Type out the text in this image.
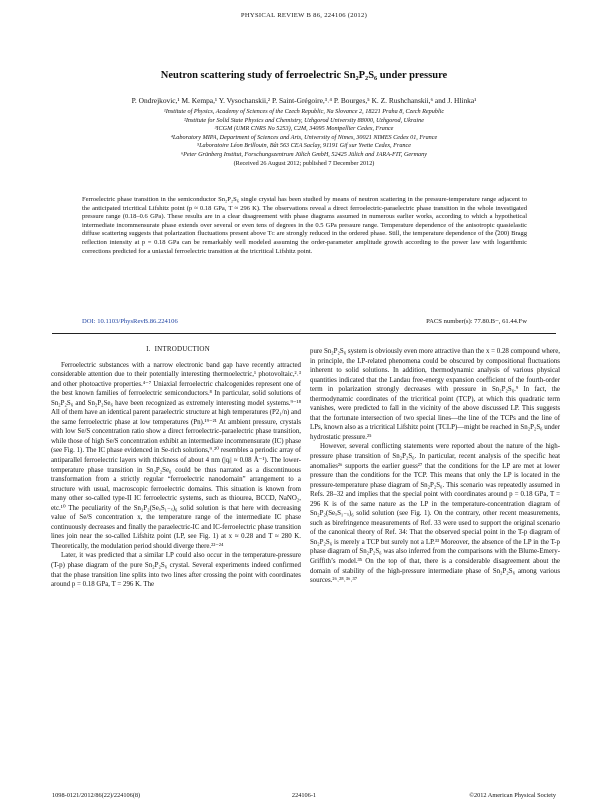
PHYSICAL REVIEW B 86, 224106 (2012)
Neutron scattering study of ferroelectric Sn₂P₂S₆ under pressure
P. Ondrejkovic,¹ M. Kempa,¹ Y. Vysochanskii,² P. Saint-Grégoire,³˒⁴ P. Bourges,⁵ K. Z. Rushchanskii,⁶ and J. Hlinka¹
¹Institute of Physics, Academy of Sciences of the Czech Republic, Na Slovance 2, 18221 Praha 8, Czech Republic
²Institute for Solid State Physics and Chemistry, Uzhgorod University 88000, Uzhgorod, Ukraine
³ICGM (UMR CNRS No 5253), C2M, 34095 Montpellier Cedex, France
⁴Laboratory MIPA, Department of Sciences and Arts, University of Nimes, 30021 NIMES Cedex 01, France
⁵Laboratoire Léon Brillouin, Bât 563 CEA Saclay, 91191 Gif sur Yvette Cedex, France
⁶Peter Grünberg Institut, Forschungszentrum Jülich GmbH, 52425 Jülich and JARA-FIT, Germany
(Received 26 August 2012; published 7 December 2012)
Ferroelectric phase transition in the semiconductor Sn₂P₂S₆ single crystal has been studied by means of neutron scattering in the pressure-temperature range adjacent to the anticipated tricritical Lifshitz point (p ≈ 0.18 GPa, T ≈ 296 K). The observations reveal a direct ferroelectric-paraelectric phase transition in the whole investigated pressure range (0.18–0.6 GPa). These results are in a clear disagreement with phase diagrams assumed in numerous earlier works, according to which a hypothetical intermediate incommensurate phase extends over several or even tens of degrees in the 0.5 GPa pressure range. Temperature dependence of the anisotropic quasielastic diffuse scattering suggests that polarization fluctuations present above Tᴄ are strongly reduced in the ordered phase. Still, the temperature dependence of the (̅200) Bragg reflection intensity at p = 0.18 GPa can be remarkably well modeled assuming the order-parameter amplitude growth according to the power law with logarithmic corrections predicted for a uniaxial ferroelectric transition at the tricritical Lifshitz point.
DOI: 10.1103/PhysRevB.86.224106	PACS number(s): 77.80.B−, 61.44.Fw
I. INTRODUCTION

Ferroelectric substances with a narrow electronic band gap have recently attracted considerable attention due to their potentially interesting thermoelectric,¹ photovoltaic,²˒³ and other photoactive properties.⁴⁻⁷ Uniaxial ferroelectric chalcogenides represent one of the best known families of ferroelectric semiconductors.⁸ In particular, solid solutions of Sn₂P₂S₆ and Sn₂P₂Se₆ have been recognized as extremely interesting model systems.⁹⁻¹⁸ All of them have an identical parent paraelectric structure at high temperatures (P2₁/n) and the same ferroelectric phase at low temperatures (Pn).¹⁹⁻²¹ At ambient pressure, crystals with low Se/S concentration ratio show a direct ferroelectric-paraelectric phase transition, while those of high Se/S concentration exhibit an intermediate incommensurate (IC) phase (see Fig. 1). The IC phase evidenced in Se-rich solutions,⁹˒²⁰ resembles a periodic array of antiparallel ferroelectric layers with thickness of about 4 nm (|qᵢ| ≈ 0.08 Å⁻¹). The lower-temperature phase transition in Sn₂P₂Se₆ could be thus narrated as a discontinuous transformation from a strictly regular “ferroelectric nanodomain” arrangement to a structure with usual, macroscopic ferroelectric domains. This situation is known from many other so-called type-II IC ferroelectric systems, such as thiourea, BCCD, NaNO₂, etc.¹⁰ The peculiarity of the Sn₂P₂(SeₓS₁₋ₓ)₆ solid solution is that here with decreasing value of Se/S concentration x, the temperature range of the intermediate IC phase continuously decreases and finally the paraelectric-IC and IC-ferroelectric phase transition lines join near the so-called Lifshitz point (LP, see Fig. 1) at x ≈ 0.28 and T ≈ 280 K. Theoretically, the modulation period should diverge there.²²⁻²⁴

Later, it was predicted that a similar LP could also occur in the temperature-pressure (T-p) phase diagram of the pure Sn₂P₂S₆ crystal. Several experiments indeed confirmed that the phase transition line splits into two lines after crossing the point with coordinates around p = 0.18 GPa, T = 296 K. The

pure Sn₂P₂S₆ system is obviously even more attractive than the x = 0.28 compound where, in principle, the LP-related phenomena could be obscured by compositional fluctuations inherent to solid solutions. In addition, thermodynamic analysis of various physical quantities indicated that the Landau free-energy expansion coefficient of the fourth-order term in polarization strongly decreases with pressure in Sn₂P₂S₆.⁹ In fact, the thermodynamic coordinates of the tricritical point (TCP), at which this quadratic term vanishes, were predicted to fall in the vicinity of the above discussed LP. This suggests that the fortunate intersection of two special lines—the line of the TCPs and the line of LPs, known also as a tricritical Lifshitz point (TCLP)—might be reached in Sn₂P₂S₆ under hydrostatic pressure.²⁵

However, several conflicting statements were reported about the nature of the high-pressure phase transition of Sn₂P₂S₆. In particular, recent analysis of the specific heat anomalies²⁶ supports the earlier guess²⁷ that the conditions for the LP are met at lower pressure than the conditions for the TCP. This means that only the LP is located in the pressure-temperature phase diagram of Sn₂P₂S₆. This scenario was repeatedly assumed in Refs. 28–32 and implies that the special point with coordinates around p = 0.18 GPa, T = 296 K is of the same nature as the LP in the temperature-concentration diagram of Sn₂P₂(SeₓS₁₋ₓ)₆ solid solution (see Fig. 1). On the contrary, other recent measurements, such as birefringence measurements of Ref. 33 were used to support the original scenario of the canonical theory of Ref. 34: That the observed special point in the T-p diagram of Sn₂P₂S₆ is merely a TCP but surely not a LP.³³ Moreover, the absence of the LP in the T-p phase diagram of Sn₂P₂S₆ was also inferred from the comparisons with the Blume-Emery-Griffith’s model.³⁵ On the top of that, there is a considerable disagreement about the domain of stability of the high-pressure intermediate phase of Sn₂P₂S₆ among various sources.²⁶˒²⁸˒³⁶˒³⁷

1098-0121/2012/86(22)/224106(8)	224106-1	©2012 American Physical Society
